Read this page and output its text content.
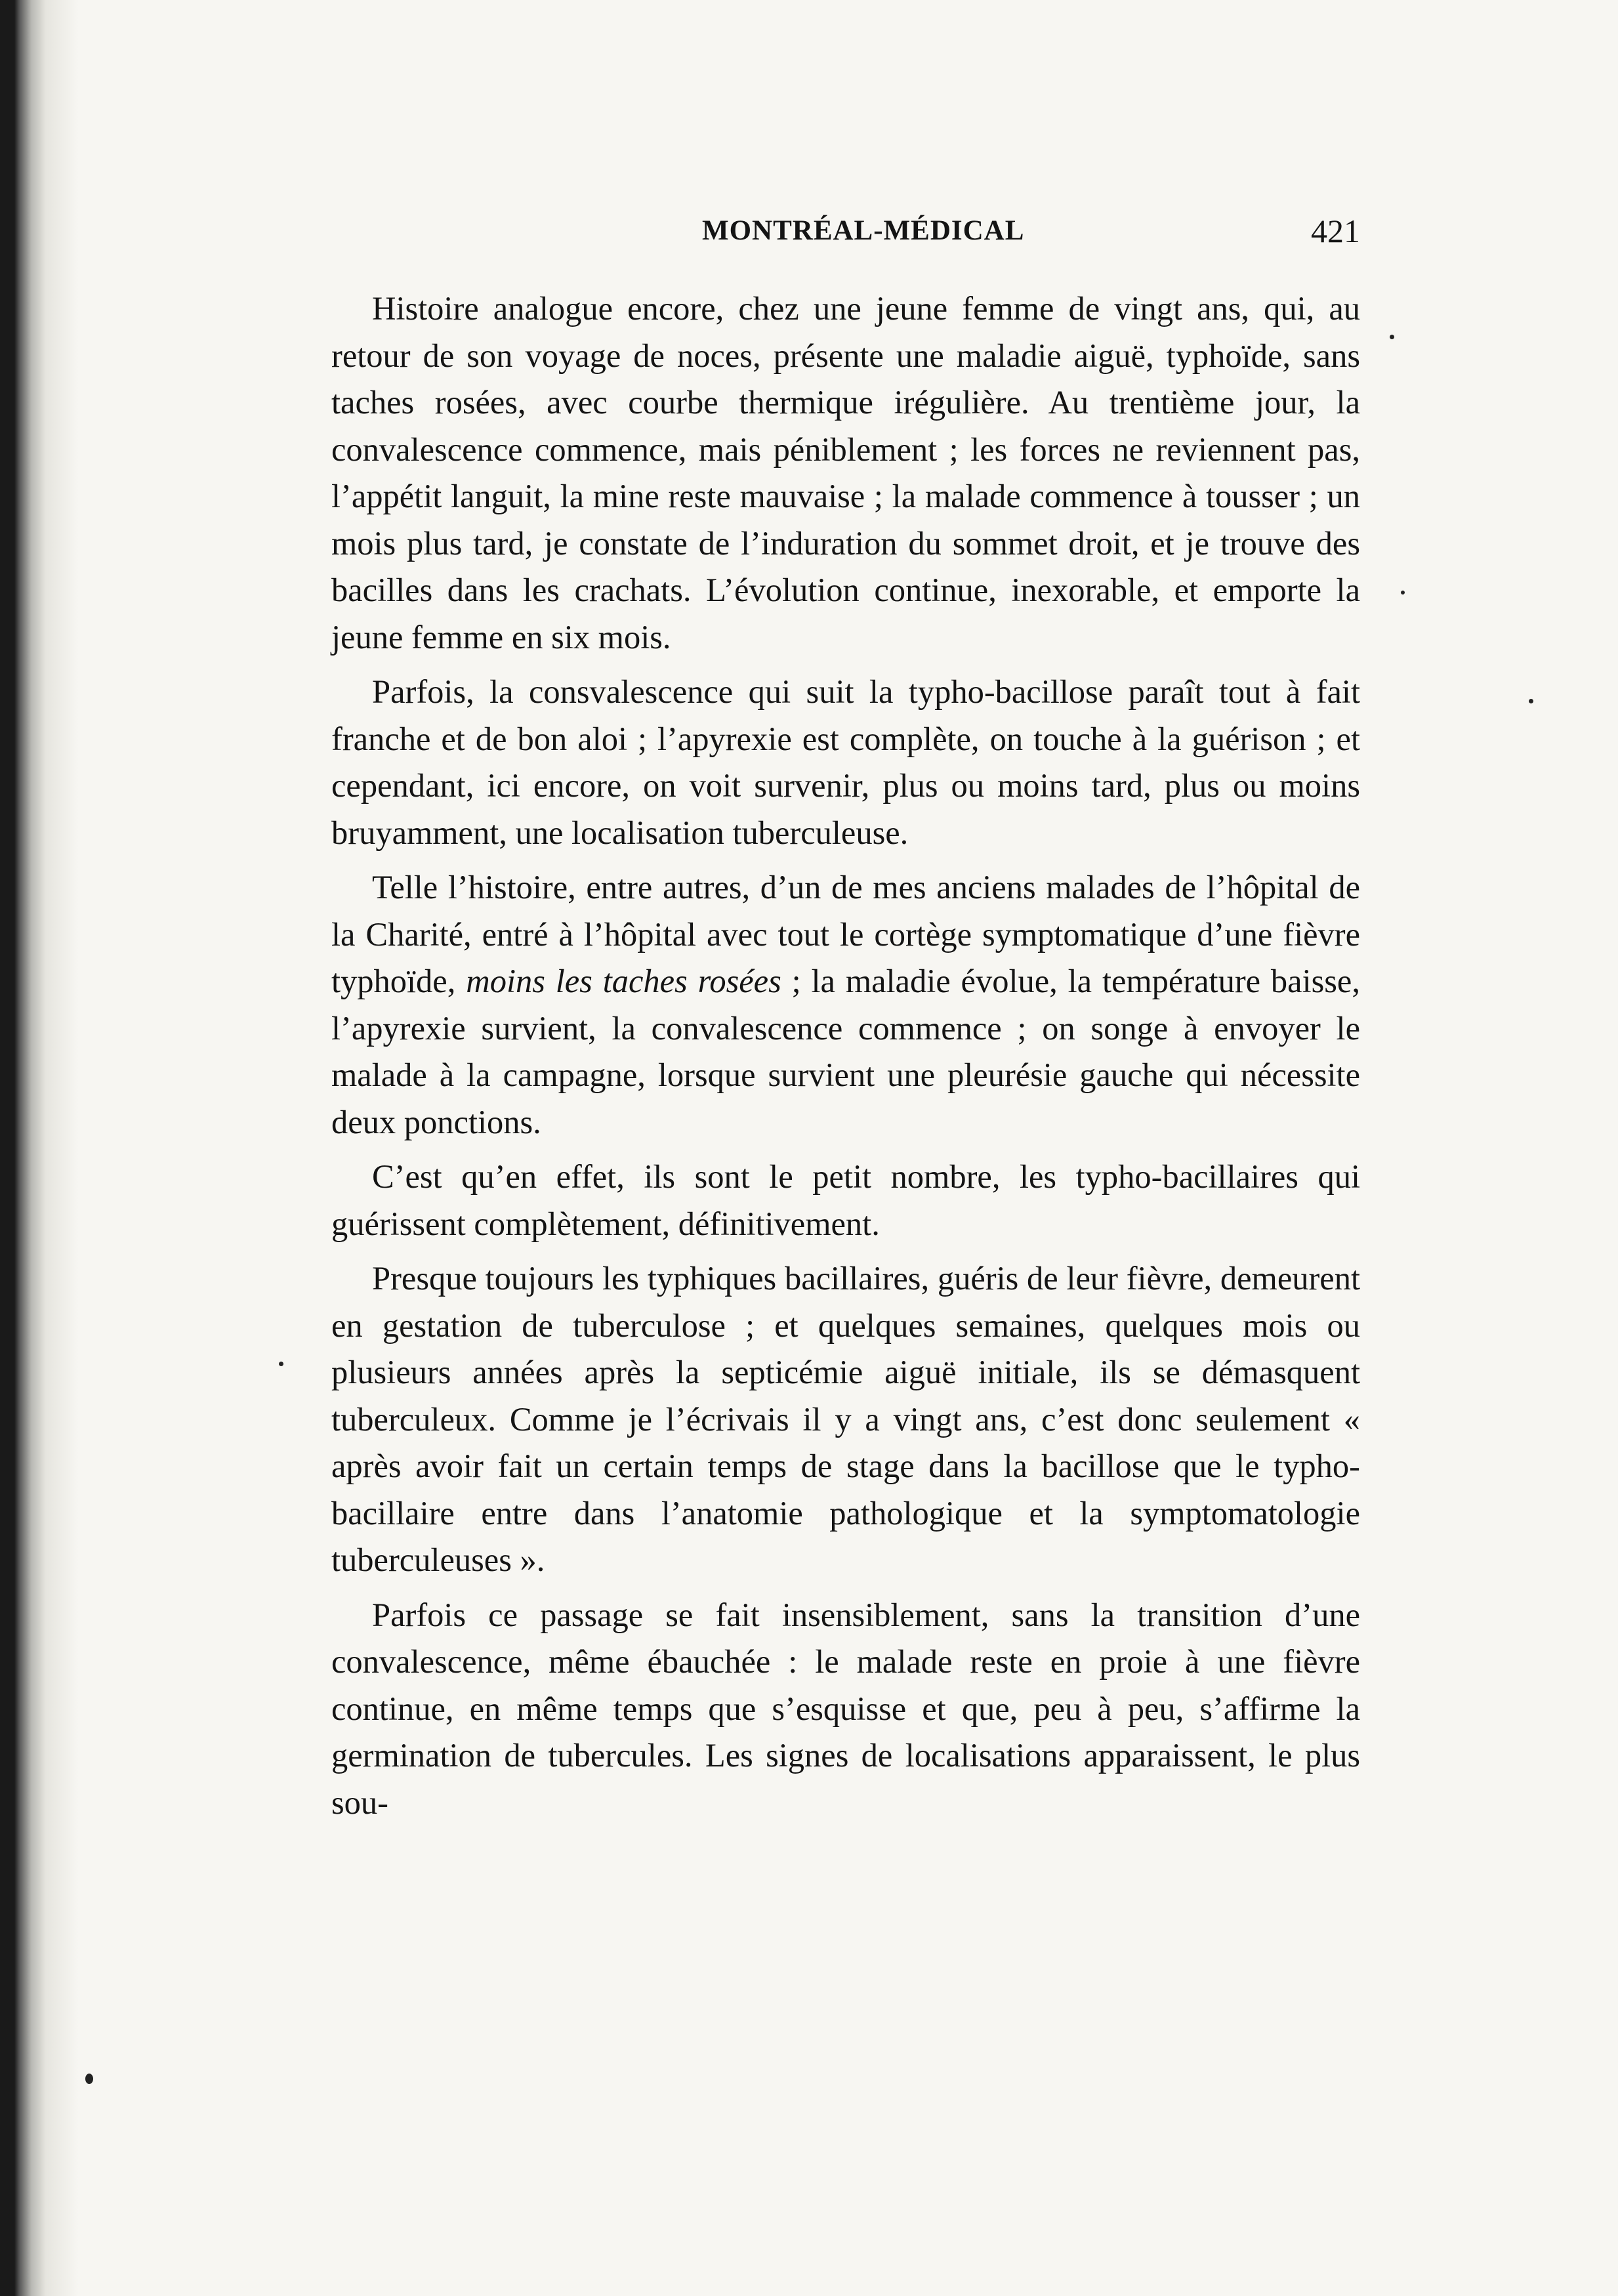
MONTRÉAL-MÉDICAL	421

Histoire analogue encore, chez une jeune femme de vingt ans, qui, au retour de son voyage de noces, présente une maladie aiguë, typhoïde, sans taches rosées, avec courbe thermique irégulière. Au trentième jour, la convalescence commence, mais péniblement ; les forces ne reviennent pas, l’appétit languit, la mine reste mauvaise ; la malade commence à tousser ; un mois plus tard, je constate de l’induration du sommet droit, et je trouve des bacilles dans les crachats. L’évolution continue, inexorable, et emporte la jeune femme en six mois.

Parfois, la consvalescence qui suit la typho-bacillose paraît tout à fait franche et de bon aloi ; l’apyrexie est complète, on touche à la guérison ; et cependant, ici encore, on voit survenir, plus ou moins tard, plus ou moins bruyamment, une localisation tuberculeuse.

Telle l’histoire, entre autres, d’un de mes anciens malades de l’hôpital de la Charité, entré à l’hôpital avec tout le cortège symptomatique d’une fièvre typhoïde, moins les taches rosées ; la maladie évolue, la température baisse, l’apyrexie survient, la convalescence commence ; on songe à envoyer le malade à la campagne, lorsque survient une pleurésie gauche qui nécessite deux ponctions.

C’est qu’en effet, ils sont le petit nombre, les typho-bacillaires qui guérissent complètement, définitivement.

Presque toujours les typhiques bacillaires, guéris de leur fièvre, demeurent en gestation de tuberculose ; et quelques semaines, quelques mois ou plusieurs années après la septicémie aiguë initiale, ils se démasquent tuberculeux. Comme je l’écrivais il y a vingt ans, c’est donc seulement « après avoir fait un certain temps de stage dans la bacillose que le typho-bacillaire entre dans l’anatomie pathologique et la symptomatologie tuberculeuses ».

Parfois ce passage se fait insensiblement, sans la transition d’une convalescence, même ébauchée : le malade reste en proie à une fièvre continue, en même temps que s’esquisse et que, peu à peu, s’affirme la germination de tubercules. Les signes de localisations apparaissent, le plus sou-
